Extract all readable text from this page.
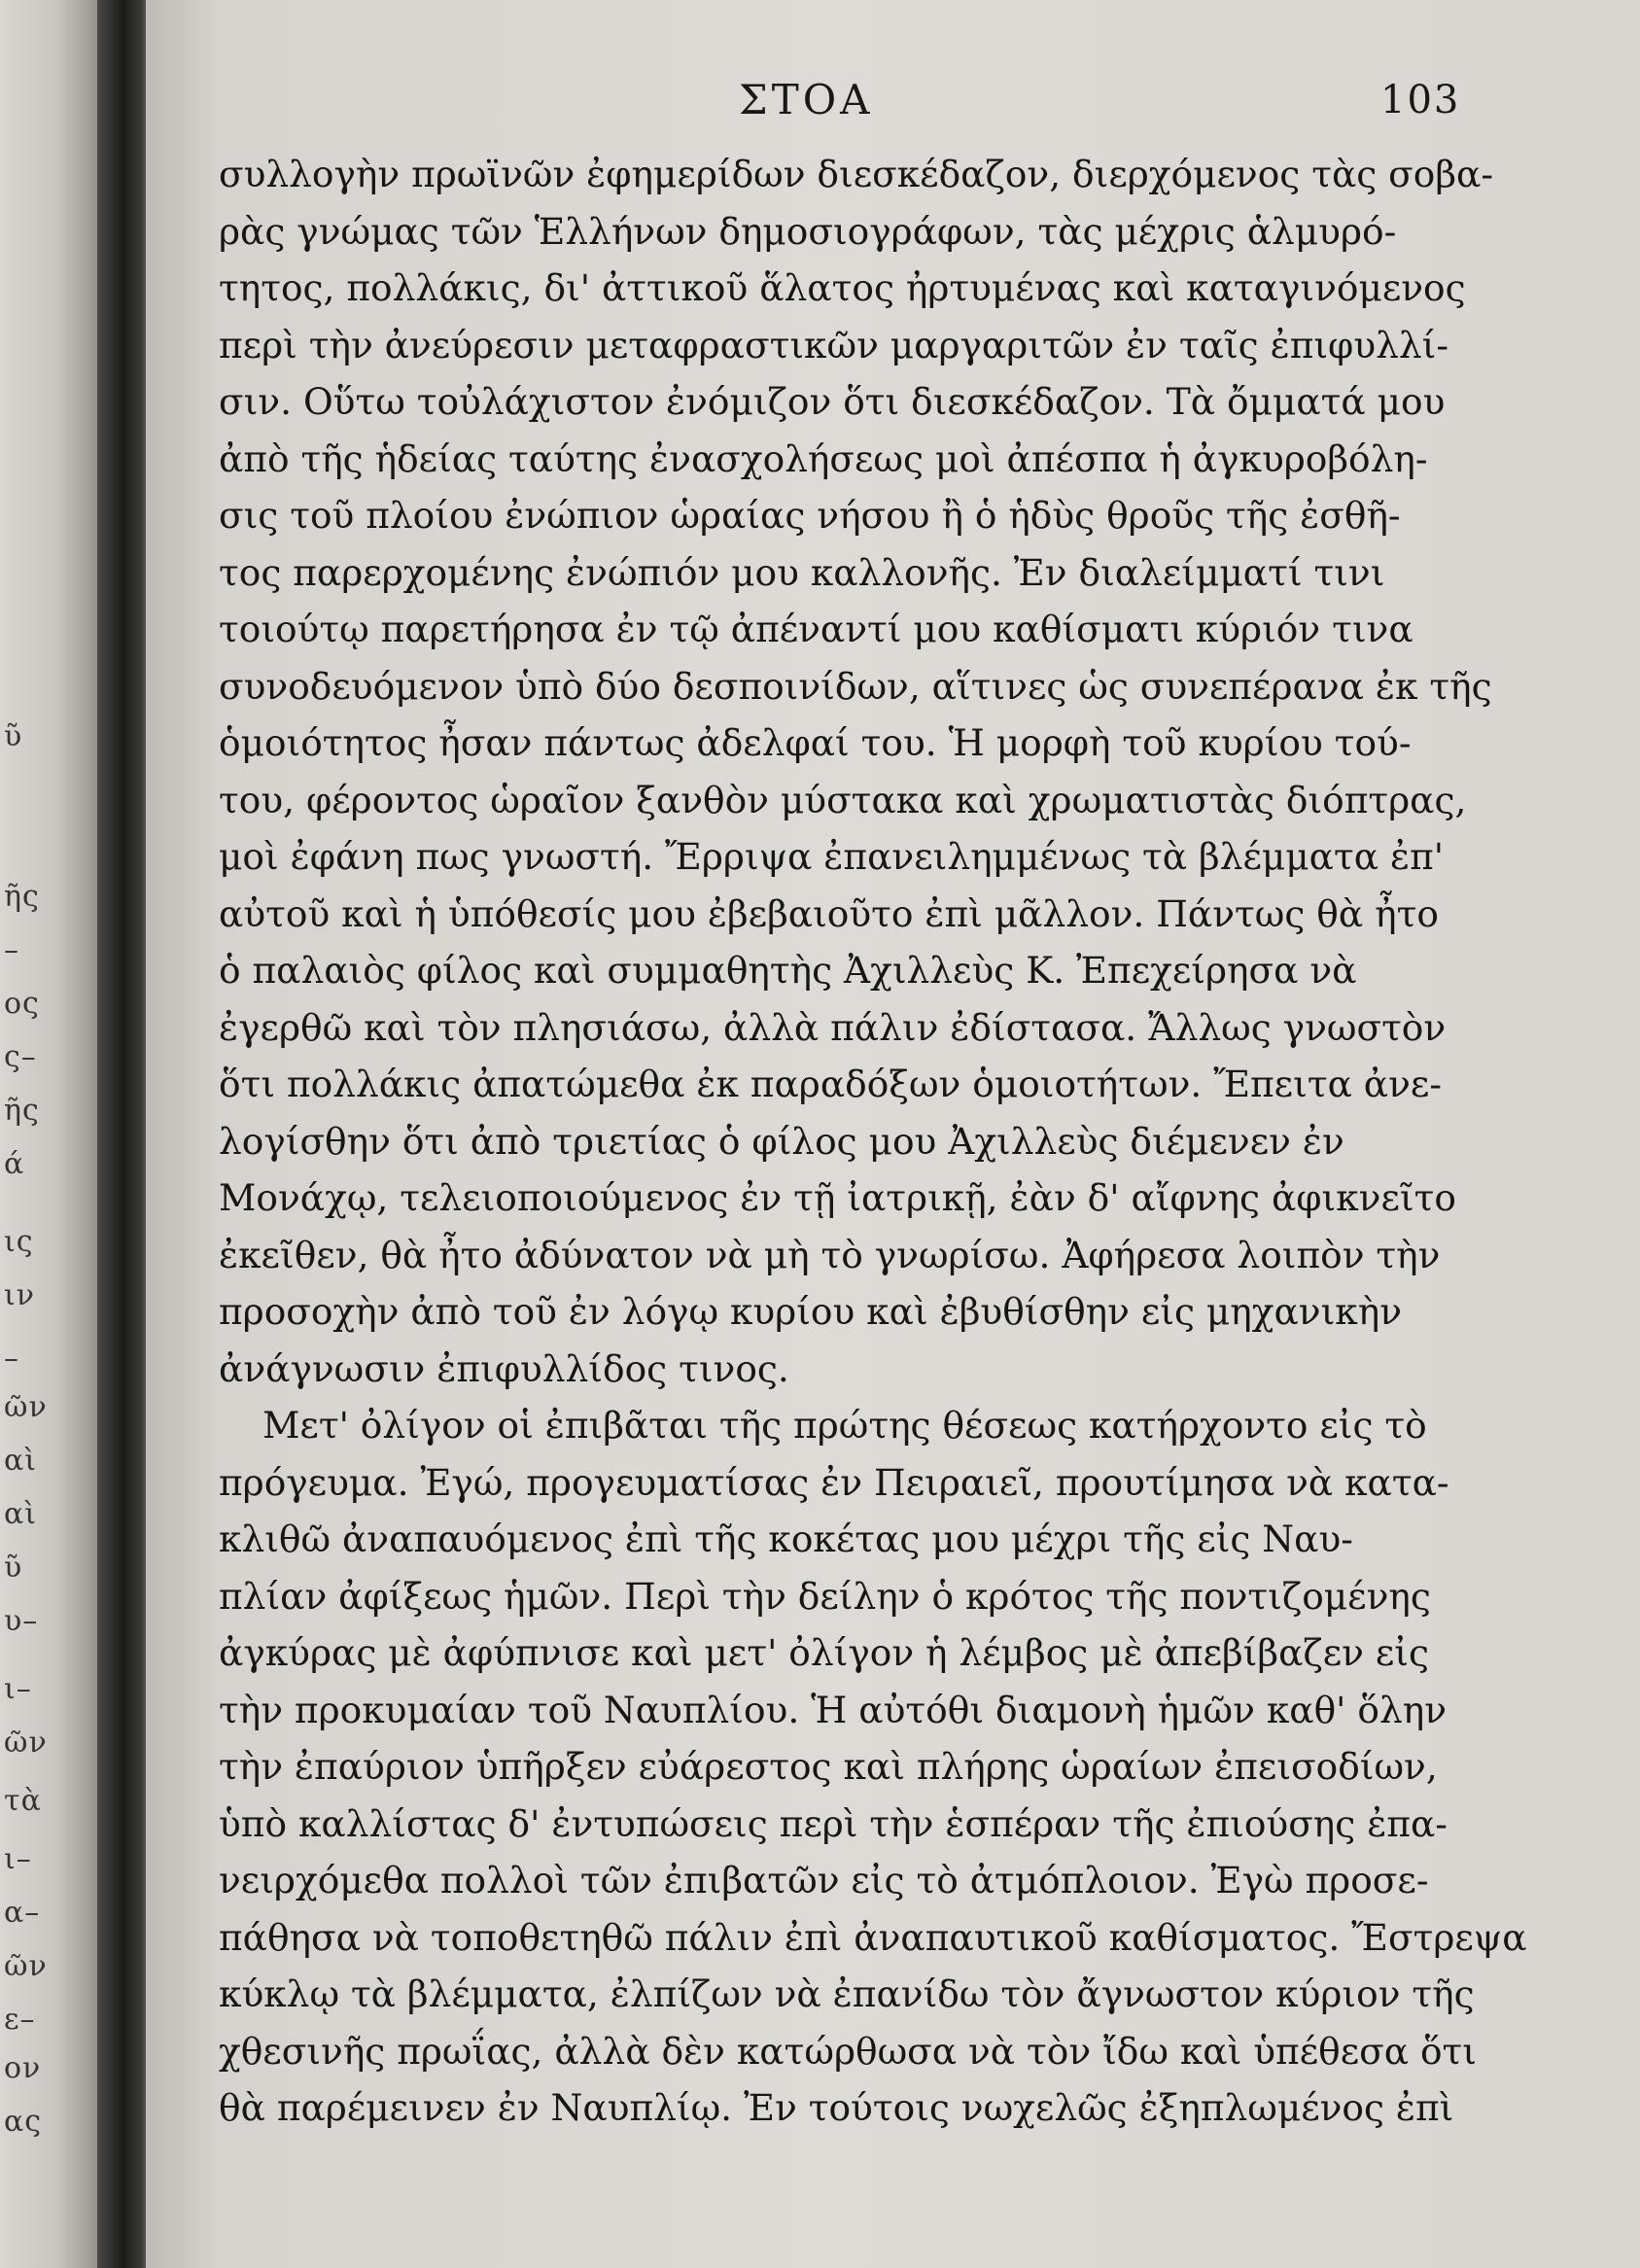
ῦ
ῆς
–
ος
ς–
ῆς
ά
ις
ιν
–
ῶν
αὶ
αὶ
ῦ
υ–
ι–
ῶν
τὰ
ι–
α–
ῶν
ε–
ον
ας
ΣΤΟΑ	103
συλλογὴν πρωϊνῶν ἐφημερίδων διεσκέδαζον, διερχόμενος τὰς σοβα-
ρὰς γνώμας τῶν Ἑλλήνων δημοσιογράφων, τὰς μέχρις ἁλμυρό-
τητος, πολλάκις, δι' ἀττικοῦ ἅλατος ἠρτυμένας καὶ καταγινόμενος
περὶ τὴν ἀνεύρεσιν μεταφραστικῶν μαργαριτῶν ἐν ταῖς ἐπιφυλλί-
σιν. Οὕτω τοὐλάχιστον ἐνόμιζον ὅτι διεσκέδαζον. Τὰ ὄμματά μου
ἀπὸ τῆς ἡδείας ταύτης ἐνασχολήσεως μοὶ ἀπέσπα ἡ ἀγκυροβόλη-
σις τοῦ πλοίου ἐνώπιον ὡραίας νήσου ἢ ὁ ἡδὺς θροῦς τῆς ἐσθῆ-
τος παρερχομένης ἐνώπιόν μου καλλονῆς. Ἐν διαλείμματί τινι
τοιούτῳ παρετήρησα ἐν τῷ ἀπέναντί μου καθίσματι κύριόν τινα
συνοδευόμενον ὑπὸ δύο δεσποινίδων, αἵτινες ὡς συνεπέρανα ἐκ τῆς
ὁμοιότητος ἦσαν πάντως ἀδελφαί του. Ἡ μορφὴ τοῦ κυρίου τού-
του, φέροντος ὡραῖον ξανθὸν μύστακα καὶ χρωματιστὰς διόπτρας,
μοὶ ἐφάνη πως γνωστή. Ἔρριψα ἐπανειλημμένως τὰ βλέμματα ἐπ'
αὐτοῦ καὶ ἡ ὑπόθεσίς μου ἐβεβαιοῦτο ἐπὶ μᾶλλον. Πάντως θὰ ἦτο
ὁ παλαιὸς φίλος καὶ συμμαθητὴς Ἀχιλλεὺς Κ. Ἐπεχείρησα νὰ
ἐγερθῶ καὶ τὸν πλησιάσω, ἀλλὰ πάλιν ἐδίστασα. Ἄλλως γνωστὸν
ὅτι πολλάκις ἀπατώμεθα ἐκ παραδόξων ὁμοιοτήτων. Ἔπειτα ἀνε-
λογίσθην ὅτι ἀπὸ τριετίας ὁ φίλος μου Ἀχιλλεὺς διέμενεν ἐν
Μονάχῳ, τελειοποιούμενος ἐν τῇ ἰατρικῇ, ἐὰν δ' αἴφνης ἀφικνεῖτο
ἐκεῖθεν, θὰ ἦτο ἀδύνατον νὰ μὴ τὸ γνωρίσω. Ἀφήρεσα λοιπὸν τὴν
προσοχὴν ἀπὸ τοῦ ἐν λόγῳ κυρίου καὶ ἐβυθίσθην εἰς μηχανικὴν
ἀνάγνωσιν ἐπιφυλλίδος τινος.
Μετ' ὀλίγον οἱ ἐπιβᾶται τῆς πρώτης θέσεως κατήρχοντο εἰς τὸ
πρόγευμα. Ἐγώ, προγευματίσας ἐν Πειραιεῖ, προυτίμησα νὰ κατα-
κλιθῶ ἀναπαυόμενος ἐπὶ τῆς κοκέτας μου μέχρι τῆς εἰς Ναυ-
πλίαν ἀφίξεως ἡμῶν. Περὶ τὴν δείλην ὁ κρότος τῆς ποντιζομένης
ἀγκύρας μὲ ἀφύπνισε καὶ μετ' ὀλίγον ἡ λέμβος μὲ ἀπεβίβαζεν εἰς
τὴν προκυμαίαν τοῦ Ναυπλίου. Ἡ αὐτόθι διαμονὴ ἡμῶν καθ' ὅλην
τὴν ἐπαύριον ὑπῆρξεν εὐάρεστος καὶ πλήρης ὡραίων ἐπεισοδίων,
ὑπὸ καλλίστας δ' ἐντυπώσεις περὶ τὴν ἑσπέραν τῆς ἐπιούσης ἐπα-
νειρχόμεθα πολλοὶ τῶν ἐπιβατῶν εἰς τὸ ἀτμόπλοιον. Ἐγὼ προσε-
πάθησα νὰ τοποθετηθῶ πάλιν ἐπὶ ἀναπαυτικοῦ καθίσματος. Ἔστρεψα
κύκλῳ τὰ βλέμματα, ἐλπίζων νὰ ἐπανίδω τὸν ἄγνωστον κύριον τῆς
χθεσινῆς πρωΐας, ἀλλὰ δὲν κατώρθωσα νὰ τὸν ἴδω καὶ ὑπέθεσα ὅτι
θὰ παρέμεινεν ἐν Ναυπλίῳ. Ἐν τούτοις νωχελῶς ἐξηπλωμένος ἐπὶ
